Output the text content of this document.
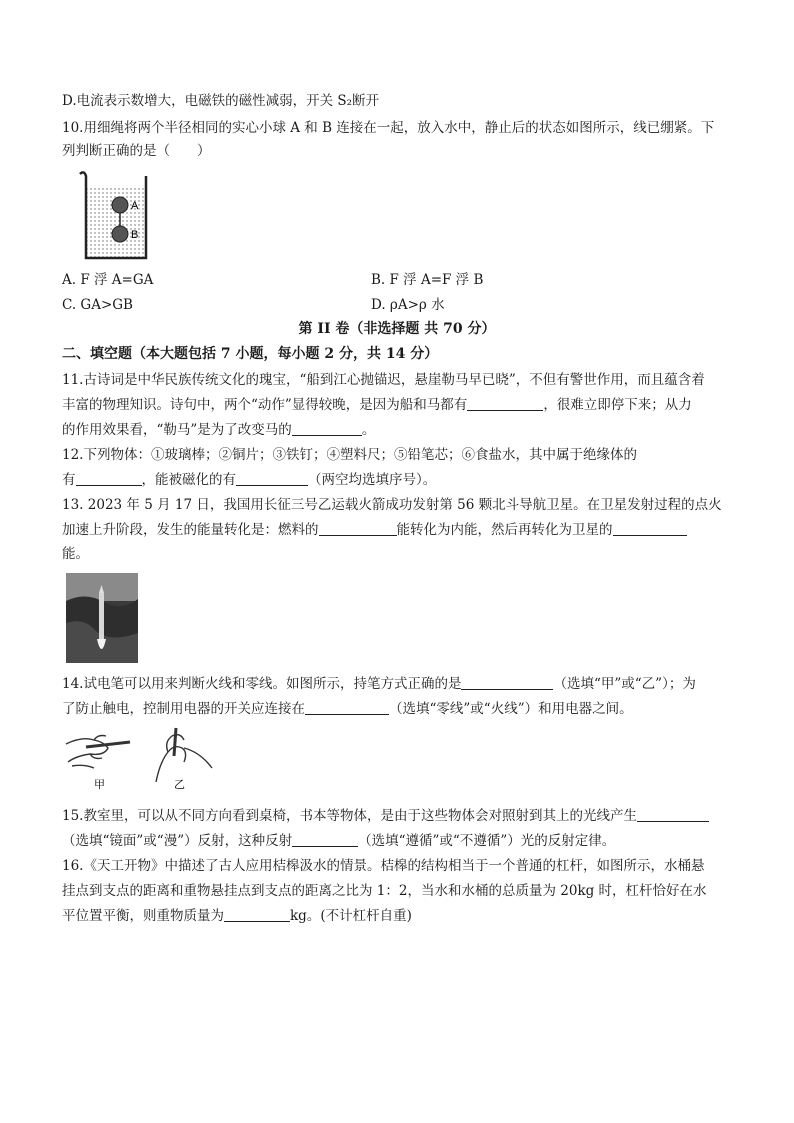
D.电流表示数增大，电磁铁的磁性减弱，开关 S₂断开
10.用细绳将两个半径相同的实心小球 A 和 B 连接在一起，放入水中，静止后的状态如图所示，线已绷紧。下
列判断正确的是（　　）
A
B
A. F 浮 A=GA	B. F 浮 A=F 浮 B
C. GA>GB	D. ρA>ρ 水
第 II 卷（非选择题 共 70 分）
二、填空题（本大题包括 7 小题，每小题 2 分，共 14 分）
11.古诗词是中华民族传统文化的瑰宝，“船到江心抛锚迟，悬崖勒马早已晓”，不但有警世作用，而且蕴含着
丰富的物理知识。诗句中，两个“动作”显得较晚，是因为船和马都有	，很难立即停下来；从力
的作用效果看，“勒马”是为了改变马的	。
12.下列物体：①玻璃棒；②铜片；③铁钉；④塑料尺；⑤铅笔芯；⑥食盐水，其中属于绝缘体的
有	，能被磁化的有	（两空均选填序号）。
13. 2023 年 5 月 17 日，我国用长征三号乙运载火箭成功发射第 56 颗北斗导航卫星。在卫星发射过程的点火
加速上升阶段，发生的能量转化是：燃料的	能转化为内能，然后再转化为卫星的
能。
14.试电笔可以用来判断火线和零线。如图所示，持笔方式正确的是	（选填“甲”或“乙”）；为
了防止触电，控制用电器的开关应连接在	（选填“零线”或“火线”）和用电器之间。
甲	乙
15.教室里，可以从不同方向看到桌椅，书本等物体，是由于这些物体会对照射到其上的光线产生
（选填“镜面”或“漫”）反射，这种反射	（选填“遵循”或“不遵循”）光的反射定律。
16.《天工开物》中描述了古人应用桔槔汲水的情景。桔槔的结构相当于一个普通的杠杆，如图所示，水桶悬
挂点到支点的距离和重物悬挂点到支点的距离之比为 1：2，当水和水桶的总质量为 20kg 时，杠杆恰好在水
平位置平衡，则重物质量为	kg。(不计杠杆自重)
